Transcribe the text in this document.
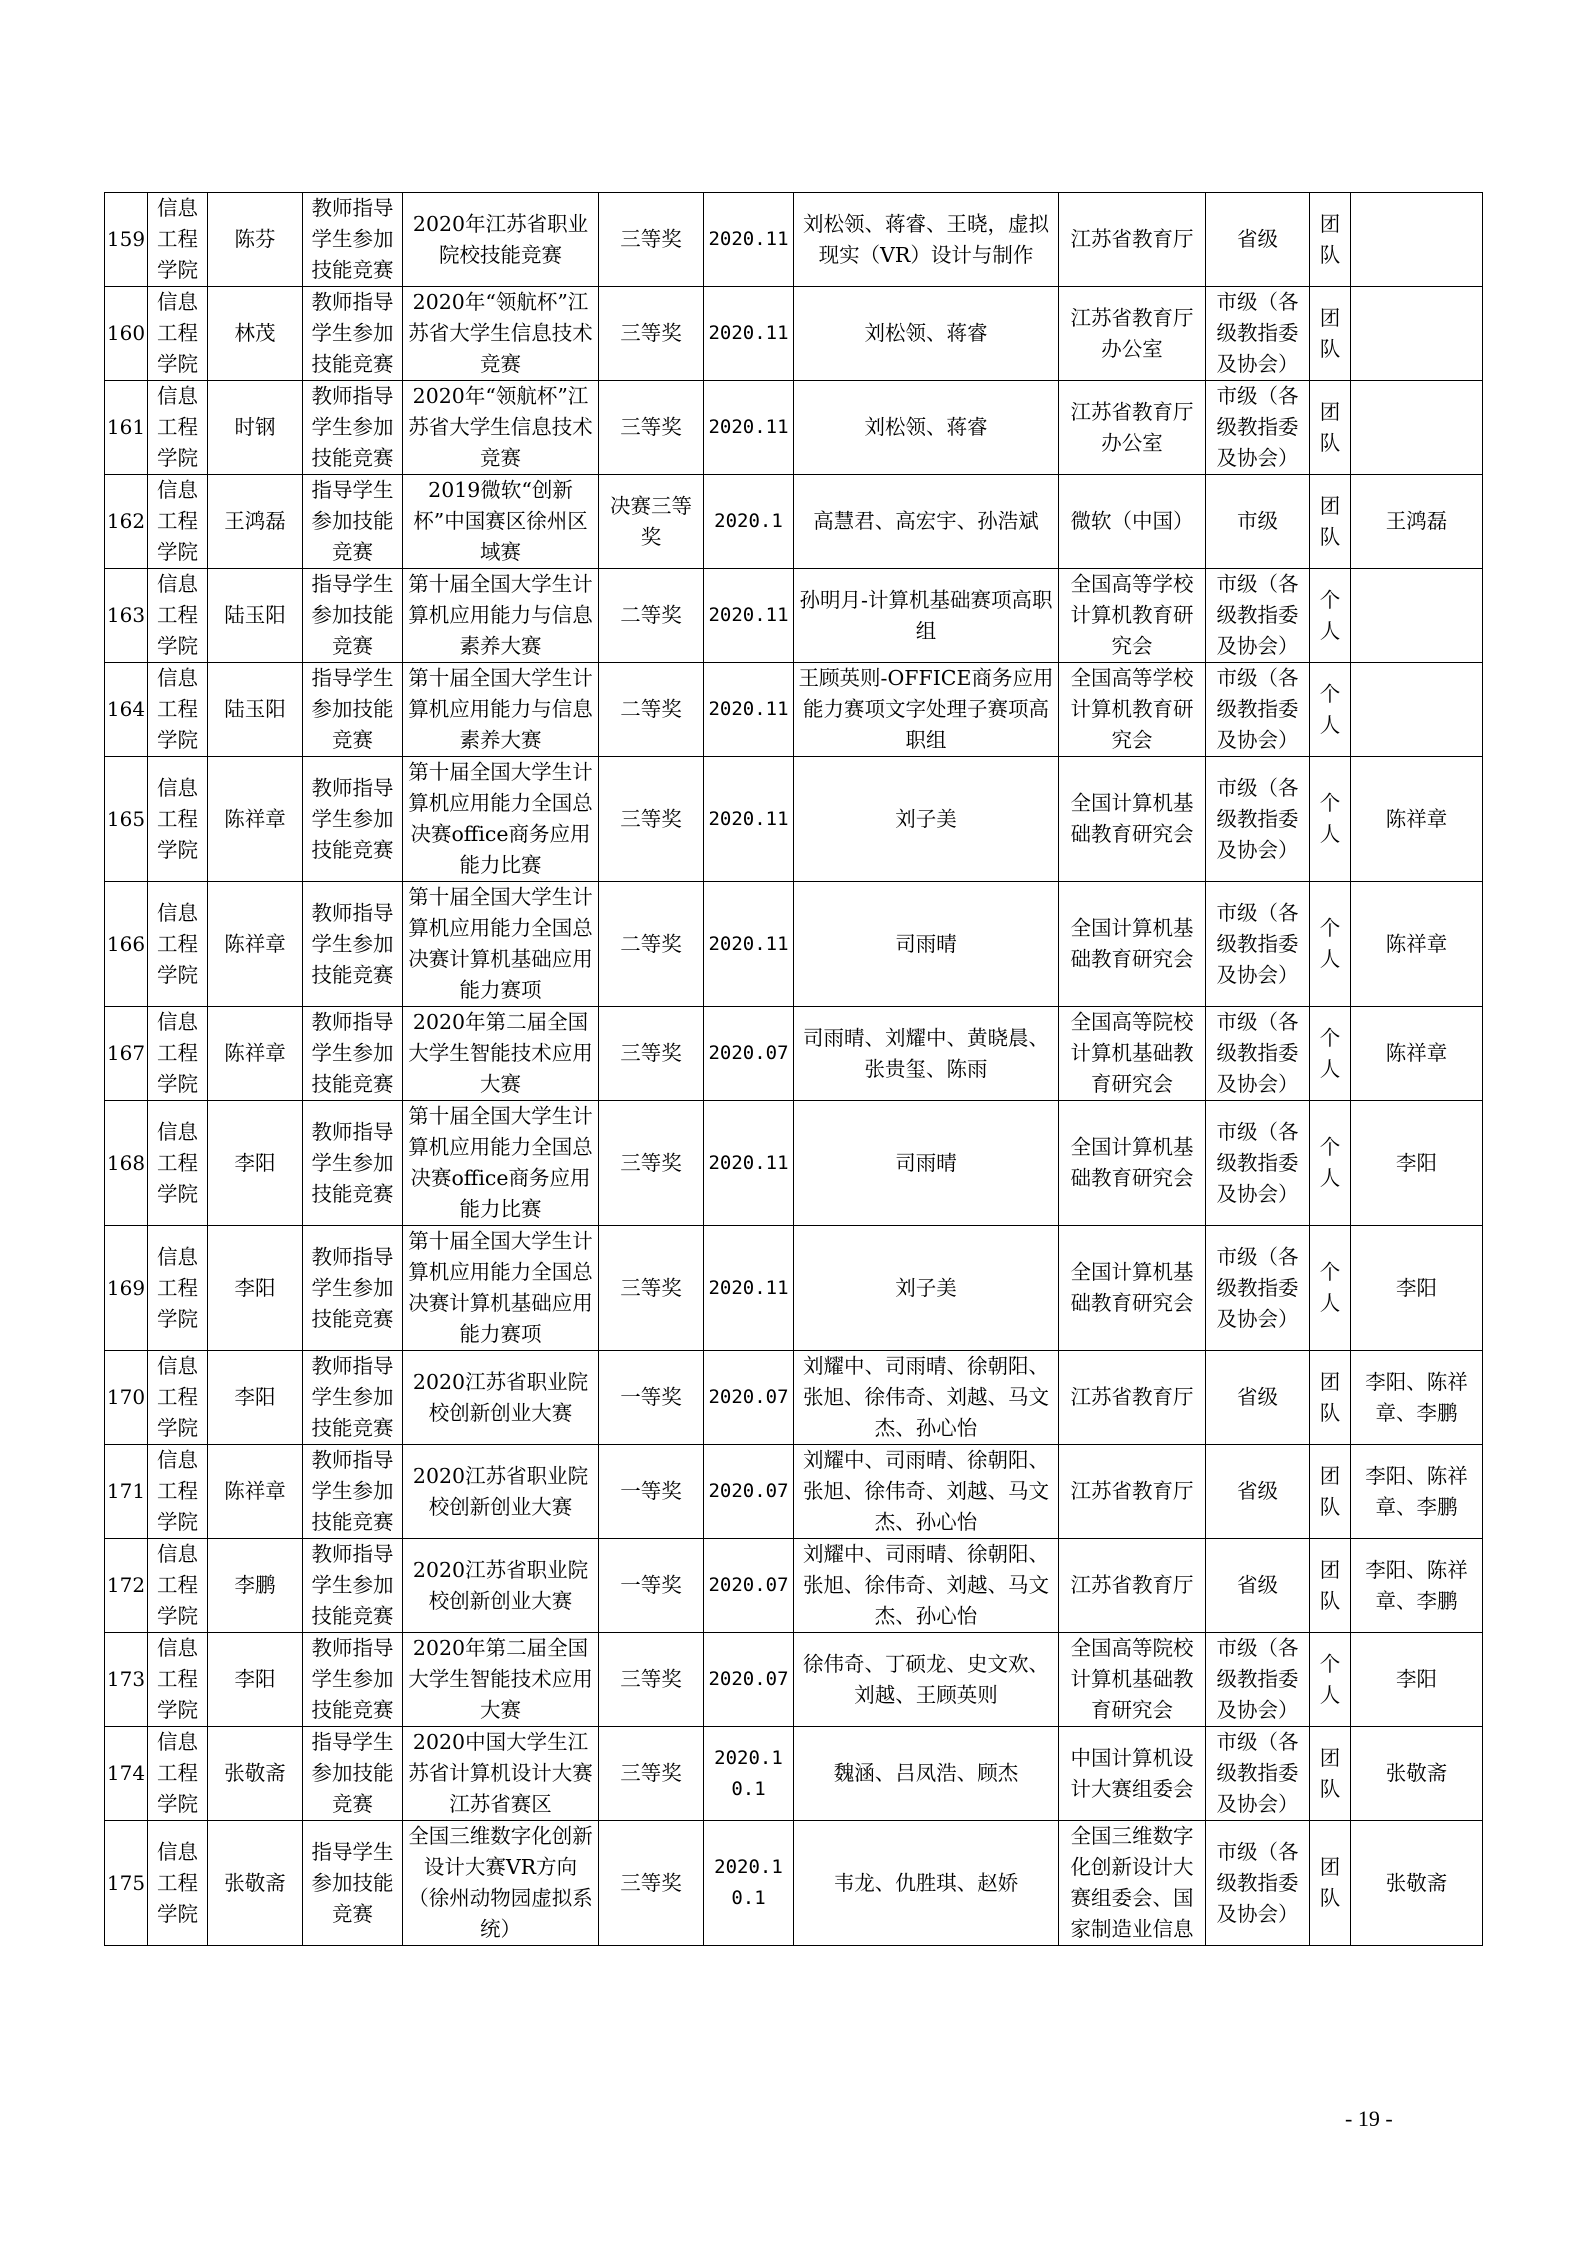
159	信息工程学院	陈芬	教师指导学生参加技能竞赛	2020年江苏省职业院校技能竞赛	三等奖	2020.11	刘松领、蒋睿、王晓，虚拟现实（VR）设计与制作	江苏省教育厅	省级	团队	
160	信息工程学院	林茂	教师指导学生参加技能竞赛	2020年“领航杯”江苏省大学生信息技术竞赛	三等奖	2020.11	刘松领、蒋睿	江苏省教育厅办公室	市级（各级教指委及协会）	团队	
161	信息工程学院	时钢	教师指导学生参加技能竞赛	2020年“领航杯”江苏省大学生信息技术竞赛	三等奖	2020.11	刘松领、蒋睿	江苏省教育厅办公室	市级（各级教指委及协会）	团队	
162	信息工程学院	王鸿磊	指导学生参加技能竞赛	2019微软“创新杯”中国赛区徐州区域赛	决赛三等奖	2020.1	高慧君、高宏宇、孙浩斌	微软（中国）	市级	团队	王鸿磊
163	信息工程学院	陆玉阳	指导学生参加技能竞赛	第十届全国大学生计算机应用能力与信息素养大赛	二等奖	2020.11	孙明月-计算机基础赛项高职组	全国高等学校计算机教育研究会	市级（各级教指委及协会）	个人	
164	信息工程学院	陆玉阳	指导学生参加技能竞赛	第十届全国大学生计算机应用能力与信息素养大赛	二等奖	2020.11	王顾英则-OFFICE商务应用能力赛项文字处理子赛项高职组	全国高等学校计算机教育研究会	市级（各级教指委及协会）	个人	
165	信息工程学院	陈祥章	教师指导学生参加技能竞赛	第十届全国大学生计算机应用能力全国总决赛office商务应用能力比赛	三等奖	2020.11	刘子美	全国计算机基础教育研究会	市级（各级教指委及协会）	个人	陈祥章
166	信息工程学院	陈祥章	教师指导学生参加技能竞赛	第十届全国大学生计算机应用能力全国总决赛计算机基础应用能力赛项	二等奖	2020.11	司雨晴	全国计算机基础教育研究会	市级（各级教指委及协会）	个人	陈祥章
167	信息工程学院	陈祥章	教师指导学生参加技能竞赛	2020年第二届全国大学生智能技术应用大赛	三等奖	2020.07	司雨晴、刘耀中、黄晓晨、张贵玺、陈雨	全国高等院校计算机基础教育研究会	市级（各级教指委及协会）	个人	陈祥章
168	信息工程学院	李阳	教师指导学生参加技能竞赛	第十届全国大学生计算机应用能力全国总决赛office商务应用能力比赛	三等奖	2020.11	司雨晴	全国计算机基础教育研究会	市级（各级教指委及协会）	个人	李阳
169	信息工程学院	李阳	教师指导学生参加技能竞赛	第十届全国大学生计算机应用能力全国总决赛计算机基础应用能力赛项	三等奖	2020.11	刘子美	全国计算机基础教育研究会	市级（各级教指委及协会）	个人	李阳
170	信息工程学院	李阳	教师指导学生参加技能竞赛	2020江苏省职业院校创新创业大赛	一等奖	2020.07	刘耀中、司雨晴、徐朝阳、张旭、徐伟奇、刘越、马文杰、孙心怡	江苏省教育厅	省级	团队	李阳、陈祥章、李鹏
171	信息工程学院	陈祥章	教师指导学生参加技能竞赛	2020江苏省职业院校创新创业大赛	一等奖	2020.07	刘耀中、司雨晴、徐朝阳、张旭、徐伟奇、刘越、马文杰、孙心怡	江苏省教育厅	省级	团队	李阳、陈祥章、李鹏
172	信息工程学院	李鹏	教师指导学生参加技能竞赛	2020江苏省职业院校创新创业大赛	一等奖	2020.07	刘耀中、司雨晴、徐朝阳、张旭、徐伟奇、刘越、马文杰、孙心怡	江苏省教育厅	省级	团队	李阳、陈祥章、李鹏
173	信息工程学院	李阳	教师指导学生参加技能竞赛	2020年第二届全国大学生智能技术应用大赛	三等奖	2020.07	徐伟奇、丁硕龙、史文欢、刘越、王顾英则	全国高等院校计算机基础教育研究会	市级（各级教指委及协会）	个人	李阳
174	信息工程学院	张敬斋	指导学生参加技能竞赛	2020中国大学生江苏省计算机设计大赛江苏省赛区	三等奖	2020.10.1	魏涵、吕凤浩、顾杰	中国计算机设计大赛组委会	市级（各级教指委及协会）	团队	张敬斋
175	信息工程学院	张敬斋	指导学生参加技能竞赛	全国三维数字化创新设计大赛VR方向（徐州动物园虚拟系统）	三等奖	2020.10.1	韦龙、仇胜琪、赵娇	全国三维数字化创新设计大赛组委会、国家制造业信息	市级（各级教指委及协会）	团队	张敬斋
- 19 -
